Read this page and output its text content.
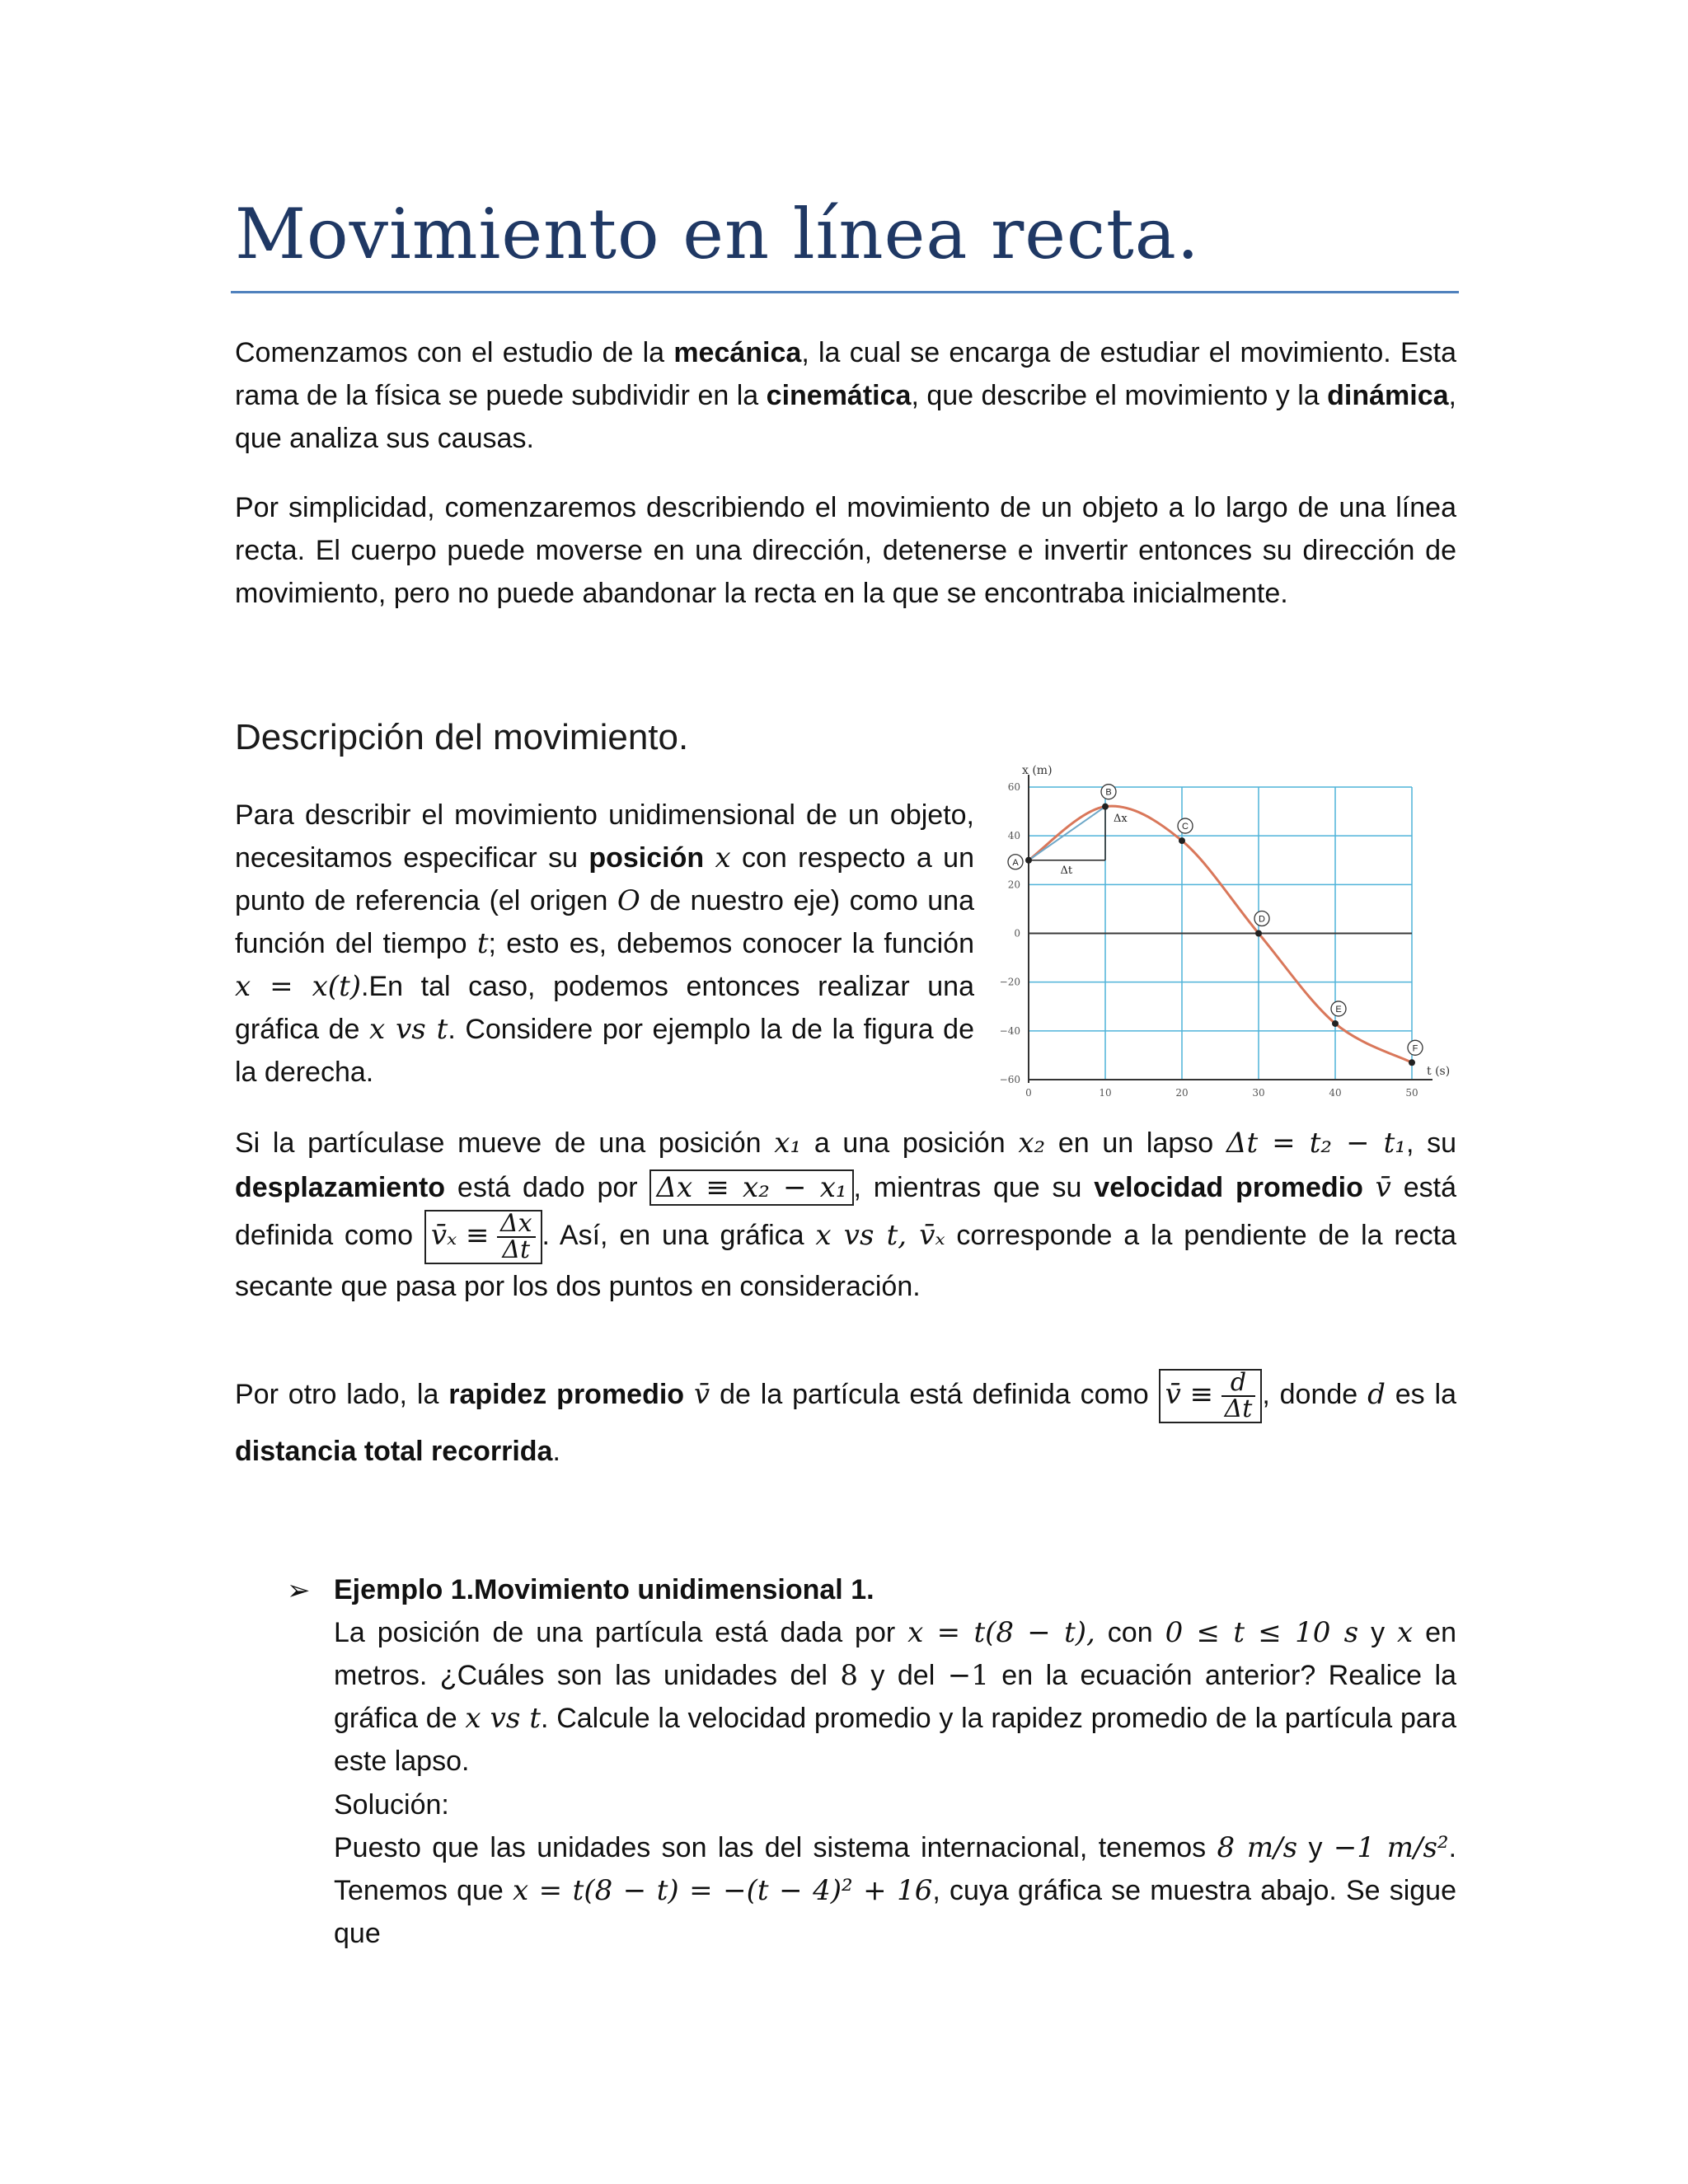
Movimiento en línea recta.

Comenzamos con el estudio de la mecánica, la cual se encarga de estudiar el movimiento. Esta rama de la física se puede subdividir en la cinemática, que describe el movimiento y la dinámica, que analiza sus causas.

Por simplicidad, comenzaremos describiendo el movimiento de un objeto a lo largo de una línea recta. El cuerpo puede moverse en una dirección, detenerse e invertir entonces su dirección de movimiento, pero no puede abandonar la recta en la que se encontraba inicialmente.

Descripción del movimiento.

Para describir el movimiento unidimensional de un objeto, necesitamos especificar su posición x con respecto a un punto de referencia (el origen O de nuestro eje) como una función del tiempo t; esto es, debemos conocer la función x = x(t).En tal caso, podemos entonces realizar una gráfica de x vs t. Considere por ejemplo la de la figura de la derecha.

Δx
Δt
A
B
C
D
E
F
0	10	20	30	40	50
60
40
20
0
−20
−40
−60
t (s)
x (m)

Si la partículase mueve de una posición x₁ a una posición x₂ en un lapso Δt = t₂ − t₁, su desplazamiento está dado por Δx ≡ x₂ − x₁ , mientras que su velocidad promedio v̄ está definida como v̄ₓ ≡ $\frac{\Delta x}{\Delta t}$ . Así, en una gráfica x vs t, v̄ₓ corresponde a la pendiente de la recta secante que pasa por los dos puntos en consideración.

Por otro lado, la rapidez promedio v̄ de la partícula está definida como v̄ ≡ $\frac{d}{\Delta t}$ , donde d es la distancia total recorrida.

➢ Ejemplo 1.Movimiento unidimensional 1.

La posición de una partícula está dada por x = t(8 − t), con 0 ≤ t ≤ 10 s y x en metros. ¿Cuáles son las unidades del 8 y del −1 en la ecuación anterior? Realice la gráfica de x vs t. Calcule la velocidad promedio y la rapidez promedio de la partícula para este lapso.

Solución:

Puesto que las unidades son las del sistema internacional, tenemos 8 m/s y −1 m/s². Tenemos que x = t(8 − t) = −(t − 4)² + 16, cuya gráfica se muestra abajo. Se sigue que
